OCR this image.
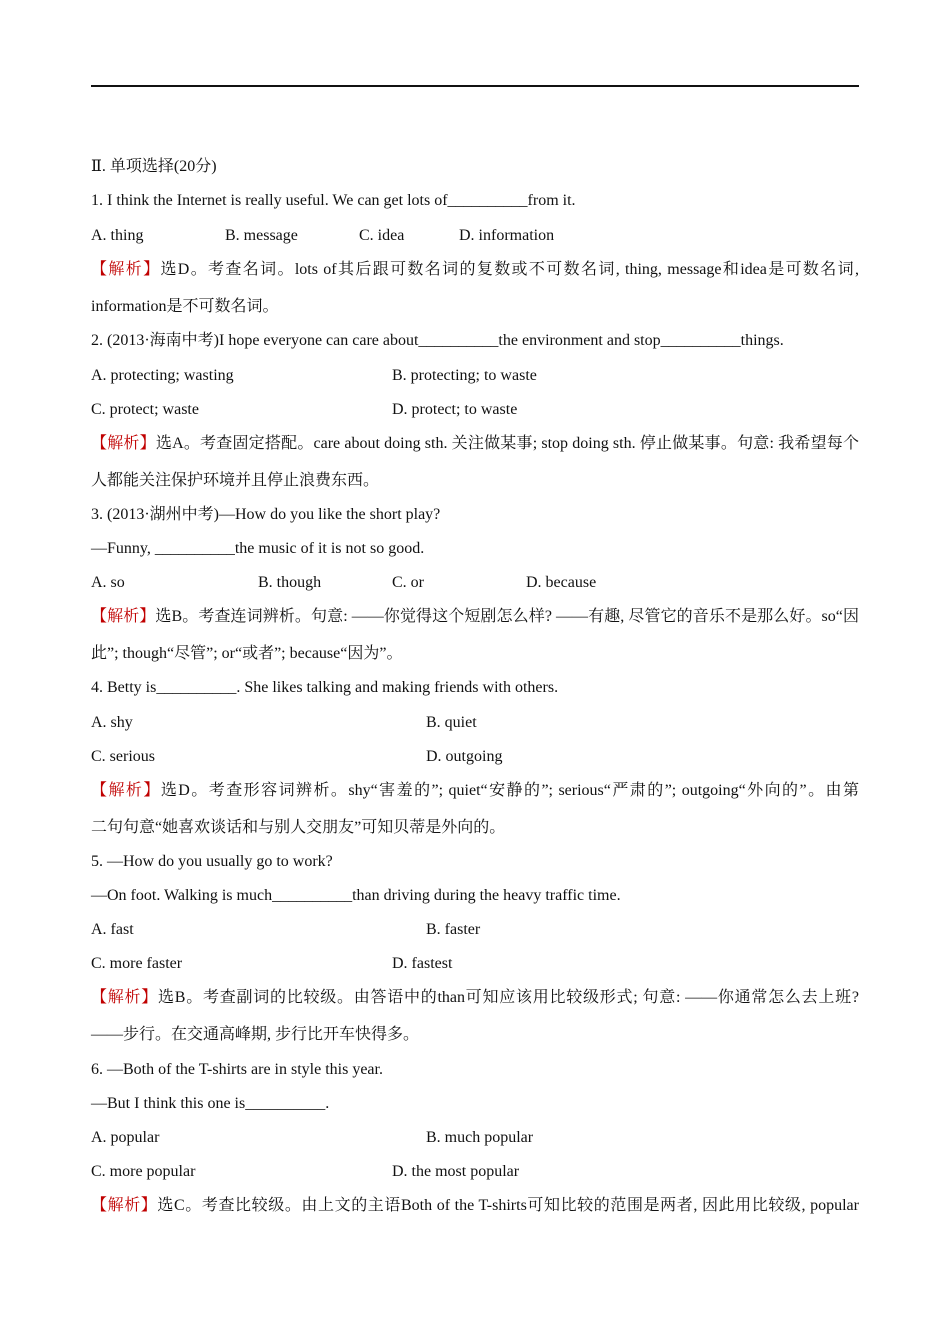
Ⅱ. 单项选择(20分)
1. I think the Internet is really useful. We can get lots of__________from it.
A. thing	B. message	C. idea	D. information
【解析】选D。考查名词。lots of其后跟可数名词的复数或不可数名词, thing, message和idea是可数名词,
information是不可数名词。
2. (2013·海南中考)I hope everyone can care about__________the environment and stop__________things.
A. protecting; wasting	B. protecting; to waste
C. protect; waste	D. protect; to waste
【解析】选A。考查固定搭配。care about doing sth. 关注做某事; stop doing sth. 停止做某事。句意: 我希望每个
人都能关注保护环境并且停止浪费东西。
3. (2013·湖州中考)—How do you like the short play?
—Funny, __________the music of it is not so good.
A. so	B. though	C. or	D. because
【解析】选B。考查连词辨析。句意: ——你觉得这个短剧怎么样? ——有趣, 尽管它的音乐不是那么好。so“因
此”; though“尽管”; or“或者”; because“因为”。
4. Betty is__________. She likes talking and making friends with others.
A. shy	B. quiet
C. serious	D. outgoing
【解析】选D。考查形容词辨析。shy“害羞的”; quiet“安静的”; serious“严肃的”; outgoing“外向的”。由第
二句句意“她喜欢谈话和与别人交朋友”可知贝蒂是外向的。
5. —How do you usually go to work?
—On foot. Walking is much__________than driving during the heavy traffic time.
A. fast	B. faster
C. more faster	D. fastest
【解析】选B。考查副词的比较级。由答语中的than可知应该用比较级形式; 句意: ——你通常怎么去上班?
——步行。在交通高峰期, 步行比开车快得多。
6. —Both of the T-shirts are in style this year.
—But I think this one is__________.
A. popular	B. much popular
C. more popular	D. the most popular
【解析】选C。考查比较级。由上文的主语Both of the T-shirts可知比较的范围是两者, 因此用比较级, popular
